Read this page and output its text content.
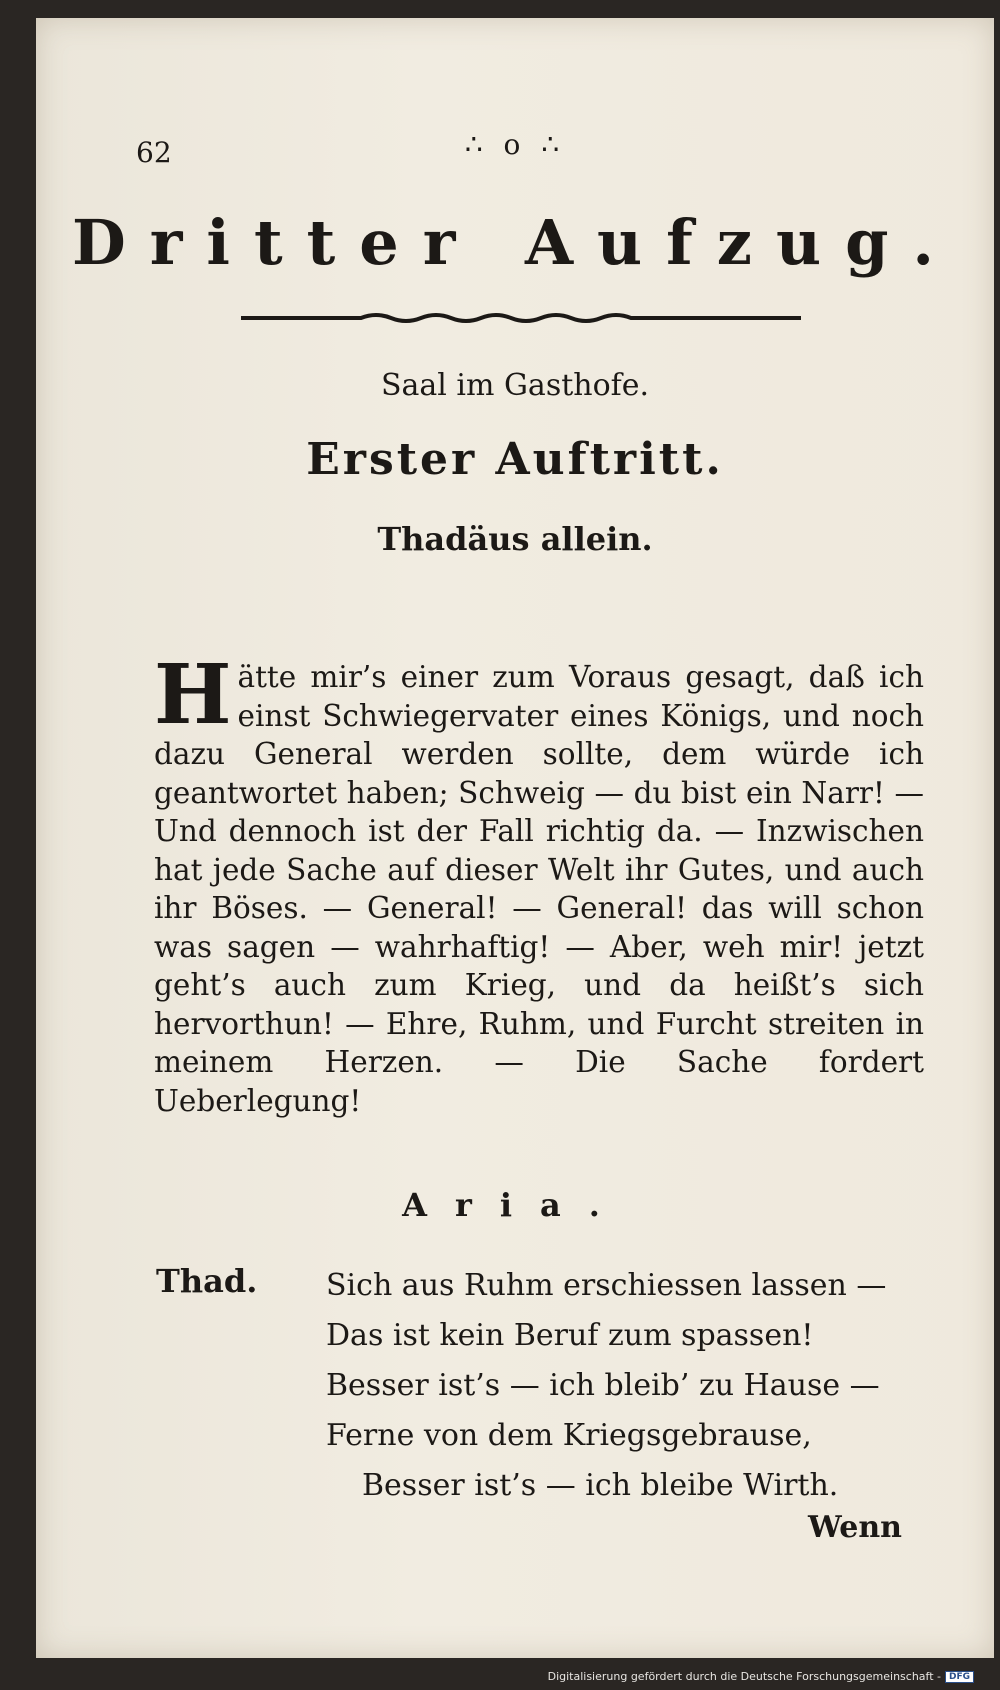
62	∴ o ∴
Dritter Aufzug.
Saal im Gasthofe.
Erster Auftritt.
Thadäus allein.
Hätte mir’s einer zum Voraus gesagt, daß ich einst Schwiegervater eines Königs, und noch dazu General werden sollte, dem würde ich geantwortet haben; Schweig — du bist ein Narr! — Und dennoch ist der Fall richtig da. — Inzwischen hat jede Sache auf dieser Welt ihr Gutes, und auch ihr Böses. — General! — General! das will schon was sagen — wahrhaftig! — Aber, weh mir! jetzt geht’s auch zum Krieg, und da heißt’s sich hervorthun! — Ehre, Ruhm, und Furcht streiten in meinem Herzen. — Die Sache fordert Ueberlegung!
Aria.
Thad. Sich aus Ruhm erschiessen lassen —
Das ist kein Beruf zum spassen!
Besser ist’s — ich bleib’ zu Hause —
Ferne von dem Kriegsgebrause,
Besser ist’s — ich bleibe Wirth.
Wenn
Digitalisierung gefördert durch die Deutsche Forschungsgemeinschaft - DFG
